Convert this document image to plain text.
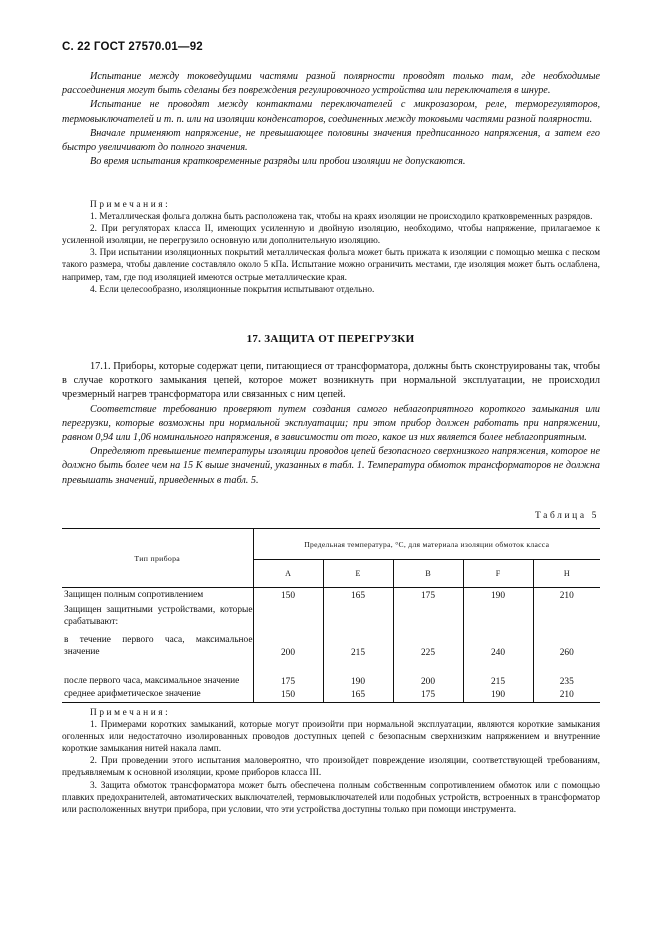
С. 22 ГОСТ 27570.01—92

Испытание между токоведущими частями разной полярности проводят только там, где необходимые рассоединения могут быть сделаны без повреждения регулировочного устройства или переключателя в шнуре.

Испытание не проводят между контактами переключателей с микрозазором, реле, терморегуляторов, термовыключателей и т. п. или на изоляции конденсаторов, соединенных между токовыми частями разной полярности.

Вначале применяют напряжение, не превышающее половины значения предписанного напряжения, а затем его быстро увеличивают до полного значения.

Во время испытания кратковременные разряды или пробои изоляции не допускаются.

Примечания:

1. Металлическая фольга должна быть расположена так, чтобы на краях изоляции не происходило кратковременных разрядов.

2. При регуляторах класса II, имеющих усиленную и двойную изоляцию, необходимо, чтобы напряжение, прилагаемое к усиленной изоляции, не перегрузило основную или дополнительную изоляцию.

3. При испытании изоляционных покрытий металлическая фольга может быть прижата к изоляции с помощью мешка с песком такого размера, чтобы давление составляло около 5 кПа. Испытание можно ограничить местами, где изоляция может быть ослаблена, например, там, где под изоляцией имеются острые металлические края.

4. Если целесообразно, изоляционные покрытия испытывают отдельно.

17. ЗАЩИТА ОТ ПЕРЕГРУЗКИ

17.1. Приборы, которые содержат цепи, питающиеся от трансформатора, должны быть сконструированы так, чтобы в случае короткого замыкания цепей, которое может возникнуть при нормальной эксплуатации, не происходил чрезмерный нагрев трансформатора или связанных с ним цепей.

Соответствие требованию проверяют путем создания самого неблагоприятного короткого замыкания или перегрузки, которые возможны при нормальной эксплуатации; при этом прибор должен работать при напряжении, равном 0,94 или 1,06 номинального напряжения, в зависимости от того, какое из них является более неблагоприятным.

Определяют превышение температуры изоляции проводов цепей безопасного сверхнизкого напряжения, которое не должно быть более чем на 15 К выше значений, указанных в табл. 1. Температура обмоток трансформаторов не должна превышать значений, приведенных в табл. 5.

Таблица 5
Тип прибора	Предельная температура, °С, для материала изоляции обмоток класса				
	А	Е	В	F	Н
Защищен полным сопротивлением	150	165	175	190	210
Защищен защитными устройствами, которые срабатывают:					
в течение первого часа, максимальное значение	200	215	225	240	260
после первого часа, максимальное значение	175	190	200	215	235
среднее арифметическое значение	150	165	175	190	210

Примечания:

1. Примерами коротких замыканий, которые могут произойти при нормальной эксплуатации, являются короткие замыкания оголенных или недостаточно изолированных проводов доступных цепей с безопасным сверхнизким напряжением и внутренние короткие замыкания нитей накала ламп.

2. При проведении этого испытания маловероятно, что произойдет повреждение изоляции, соответствующей требованиям, предъявляемым к основной изоляции, кроме приборов класса III.

3. Защита обмоток трансформатора может быть обеспечена полным собственным сопротивлением обмоток или с помощью плавких предохранителей, автоматических выключателей, термовыключателей или подобных устройств, встроенных в трансформатор или расположенных внутри прибора, при условии, что эти устройства доступны только при помощи инструмента.
